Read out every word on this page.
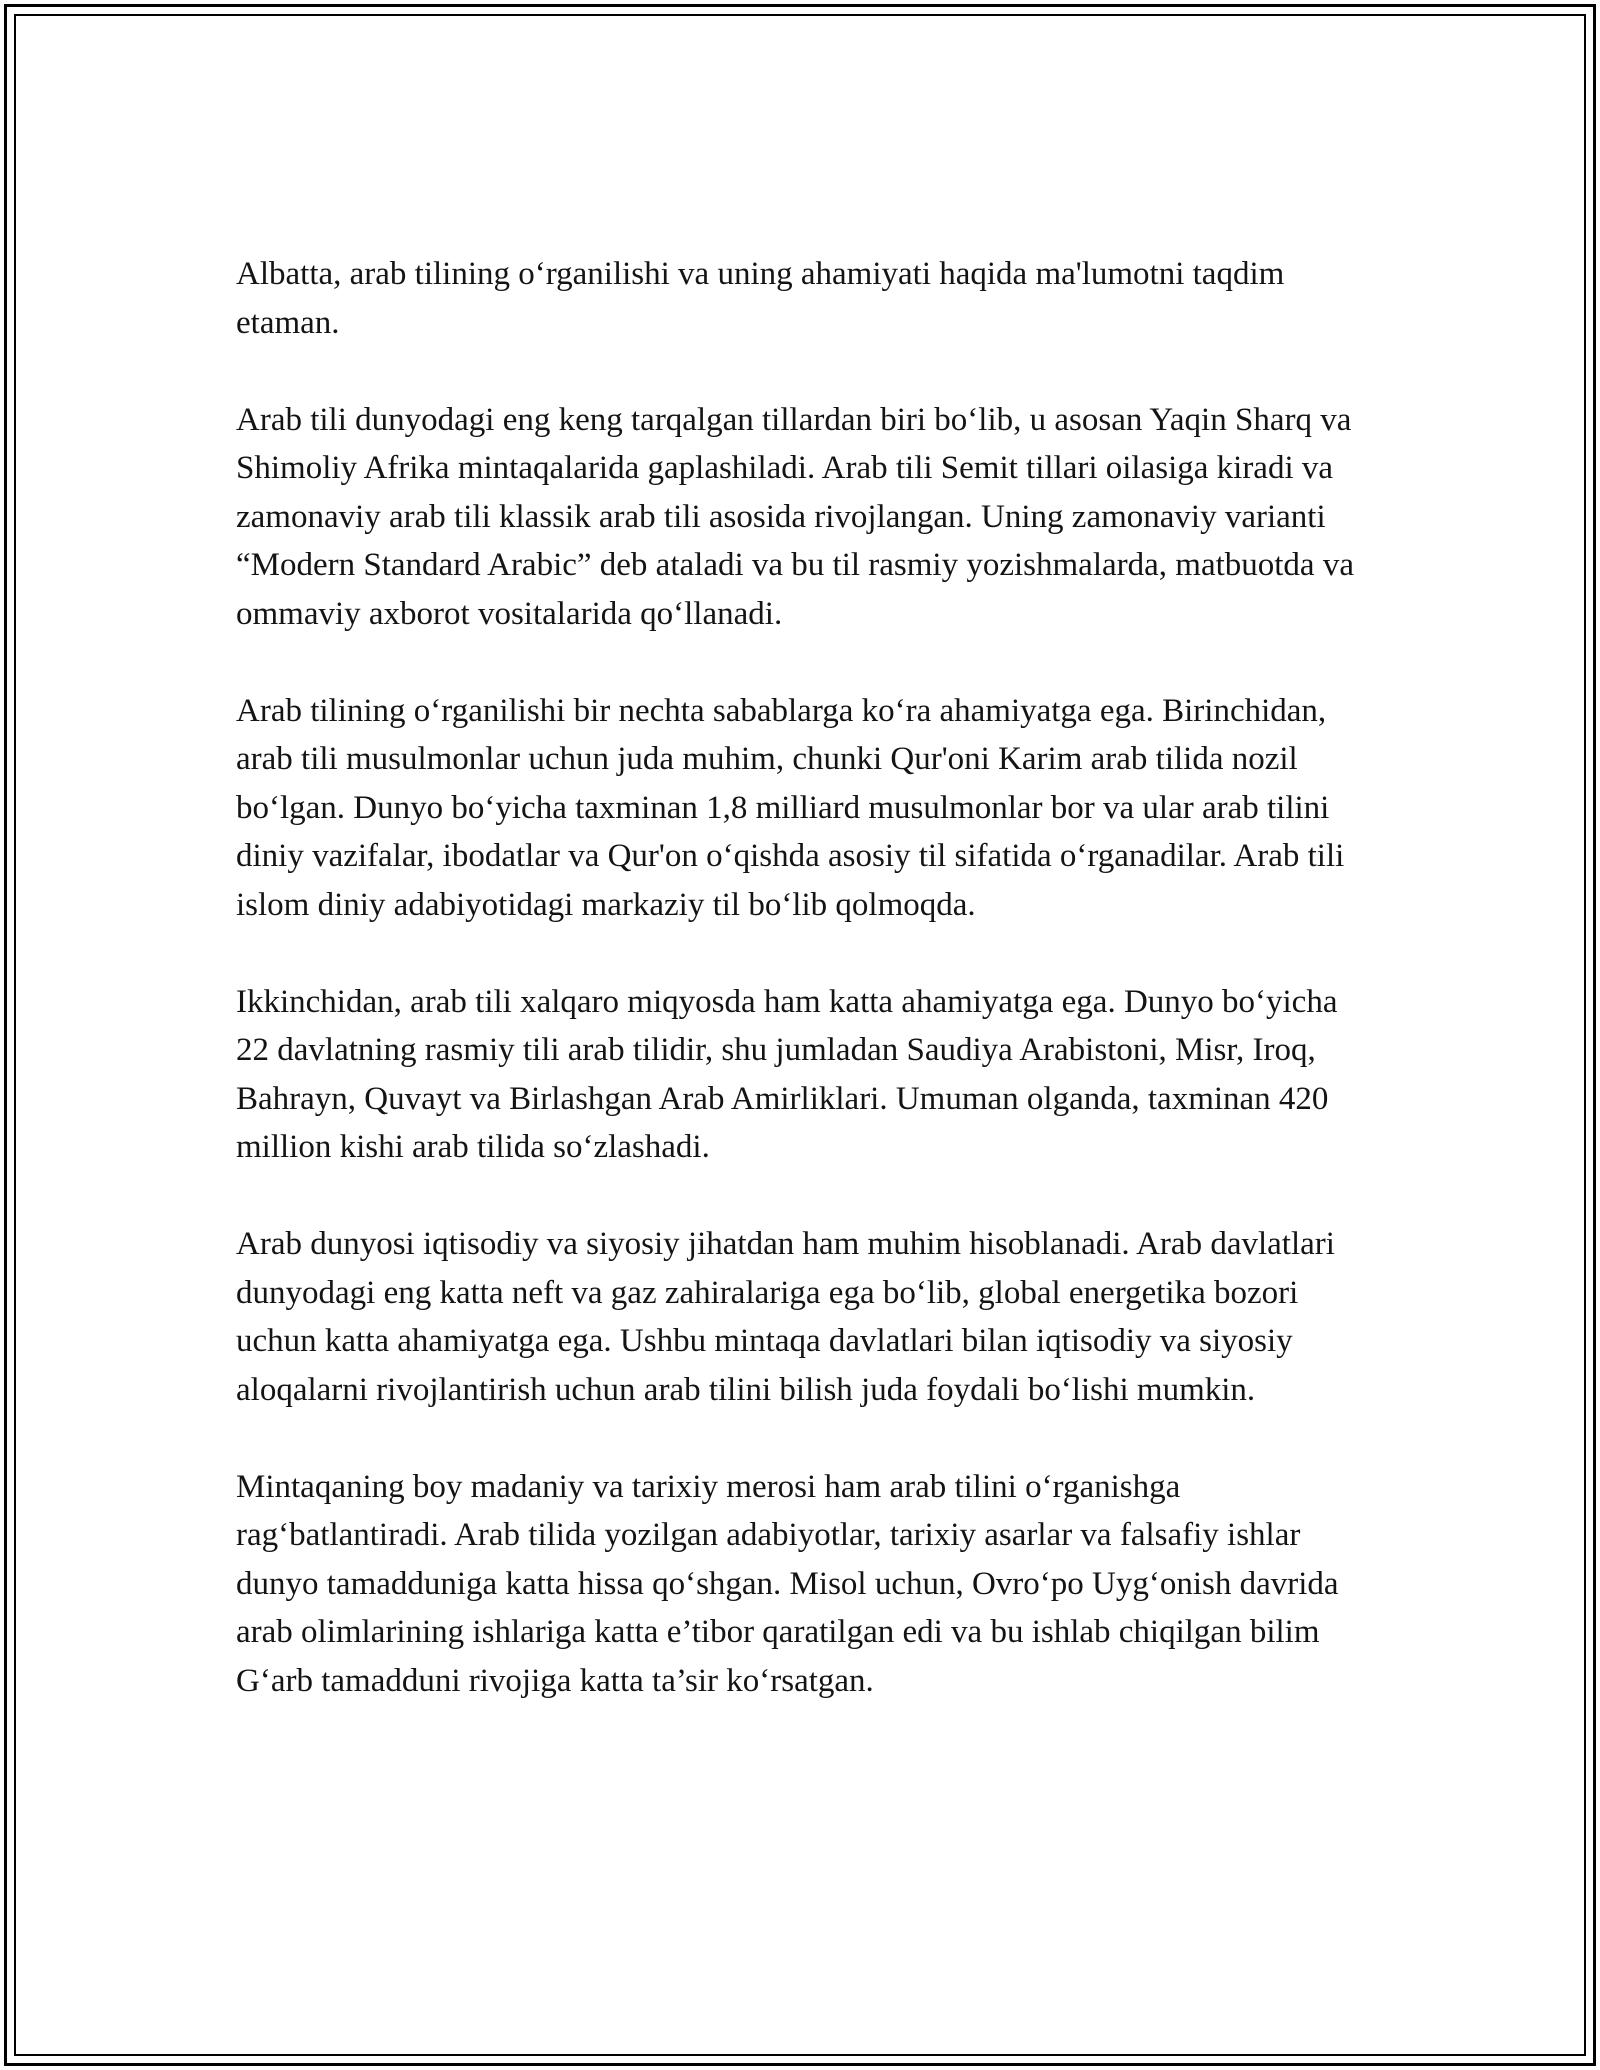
Albatta, arab tilining o‘rganilishi va uning ahamiyati haqida ma'lumotni taqdim etaman.

Arab tili dunyodagi eng keng tarqalgan tillardan biri bo‘lib, u asosan Yaqin Sharq va Shimoliy Afrika mintaqalarida gaplashiladi. Arab tili Semit tillari oilasiga kiradi va zamonaviy arab tili klassik arab tili asosida rivojlangan. Uning zamonaviy varianti “Modern Standard Arabic” deb ataladi va bu til rasmiy yozishmalarda, matbuotda va ommaviy axborot vositalarida qo‘llanadi.

Arab tilining o‘rganilishi bir nechta sabablarga ko‘ra ahamiyatga ega. Birinchidan, arab tili musulmonlar uchun juda muhim, chunki Qur'oni Karim arab tilida nozil bo‘lgan. Dunyo bo‘yicha taxminan 1,8 milliard musulmonlar bor va ular arab tilini diniy vazifalar, ibodatlar va Qur'on o‘qishda asosiy til sifatida o‘rganadilar. Arab tili islom diniy adabiyotidagi markaziy til bo‘lib qolmoqda.

Ikkinchidan, arab tili xalqaro miqyosda ham katta ahamiyatga ega. Dunyo bo‘yicha 22 davlatning rasmiy tili arab tilidir, shu jumladan Saudiya Arabistoni, Misr, Iroq, Bahrayn, Quvayt va Birlashgan Arab Amirliklari. Umuman olganda, taxminan 420 million kishi arab tilida so‘zlashadi.

Arab dunyosi iqtisodiy va siyosiy jihatdan ham muhim hisoblanadi. Arab davlatlari dunyodagi eng katta neft va gaz zahiralariga ega bo‘lib, global energetika bozori uchun katta ahamiyatga ega. Ushbu mintaqa davlatlari bilan iqtisodiy va siyosiy aloqalarni rivojlantirish uchun arab tilini bilish juda foydali bo‘lishi mumkin.

Mintaqaning boy madaniy va tarixiy merosi ham arab tilini o‘rganishga rag‘batlantiradi. Arab tilida yozilgan adabiyotlar, tarixiy asarlar va falsafiy ishlar dunyo tamadduniga katta hissa qo‘shgan. Misol uchun, Ovro‘po Uyg‘onish davrida arab olimlarining ishlariga katta e’tibor qaratilgan edi va bu ishlab chiqilgan bilim G‘arb tamadduni rivojiga katta ta’sir ko‘rsatgan.
